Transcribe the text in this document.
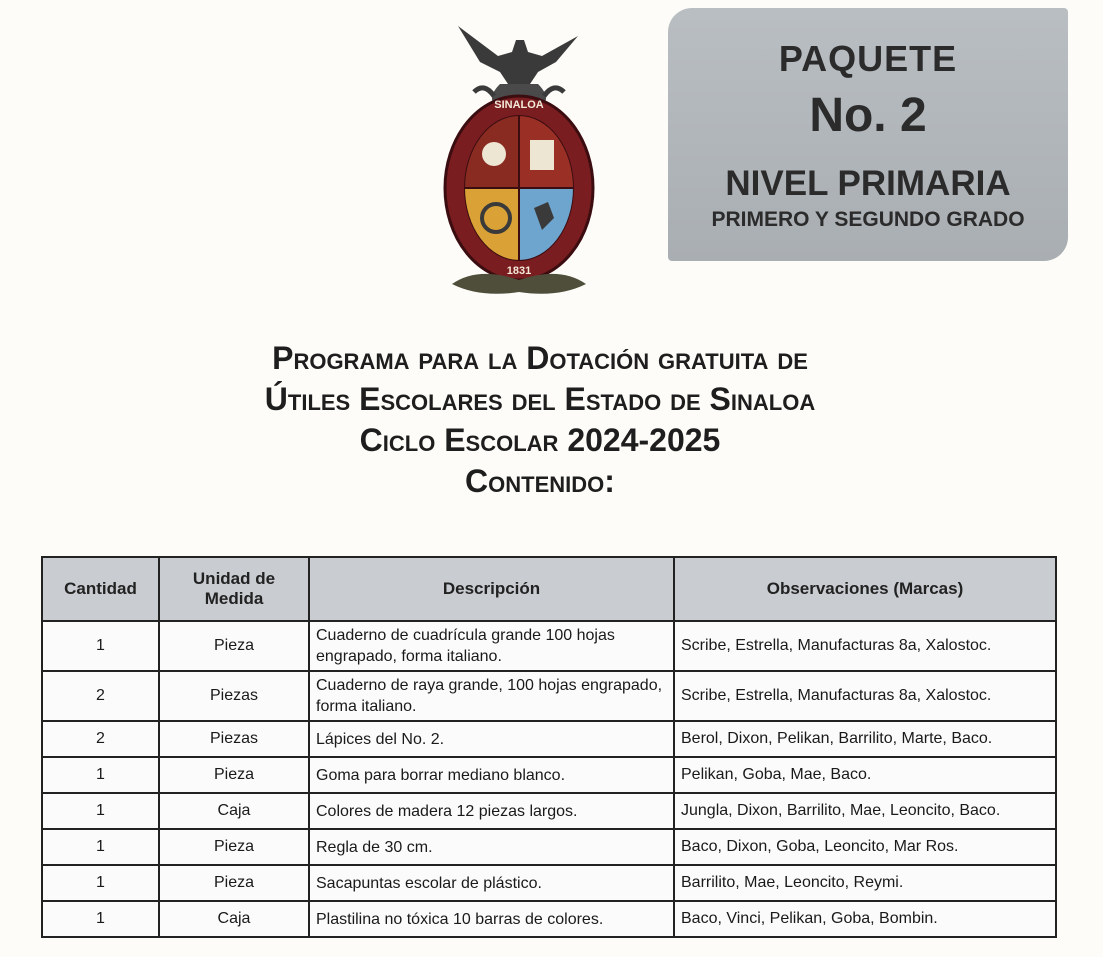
SINALOA
1831
PAQUETE
No. 2
NIVEL PRIMARIA
PRIMERO Y SEGUNDO GRADO
Programa para la Dotación gratuita de
Útiles Escolares del Estado de Sinaloa
Ciclo Escolar 2024-2025
Contenido:
Cantidad	Unidad de Medida	Descripción	Observaciones (Marcas)
1	Pieza	Cuaderno de cuadrícula grande 100 hojas engrapado, forma italiano.	Scribe, Estrella, Manufacturas 8a, Xalostoc.
2	Piezas	Cuaderno de raya grande, 100 hojas engrapado, forma italiano.	Scribe, Estrella, Manufacturas 8a, Xalostoc.
2	Piezas	Lápices del No. 2.	Berol, Dixon, Pelikan, Barrilito, Marte, Baco.
1	Pieza	Goma para borrar mediano blanco.	Pelikan, Goba, Mae, Baco.
1	Caja	Colores de madera 12 piezas largos.	Jungla, Dixon, Barrilito, Mae, Leoncito, Baco.
1	Pieza	Regla de 30 cm.	Baco, Dixon, Goba, Leoncito, Mar Ros.
1	Pieza	Sacapuntas escolar de plástico.	Barrilito, Mae, Leoncito, Reymi.
1	Caja	Plastilina no tóxica 10 barras de colores.	Baco, Vinci, Pelikan, Goba, Bombin.
